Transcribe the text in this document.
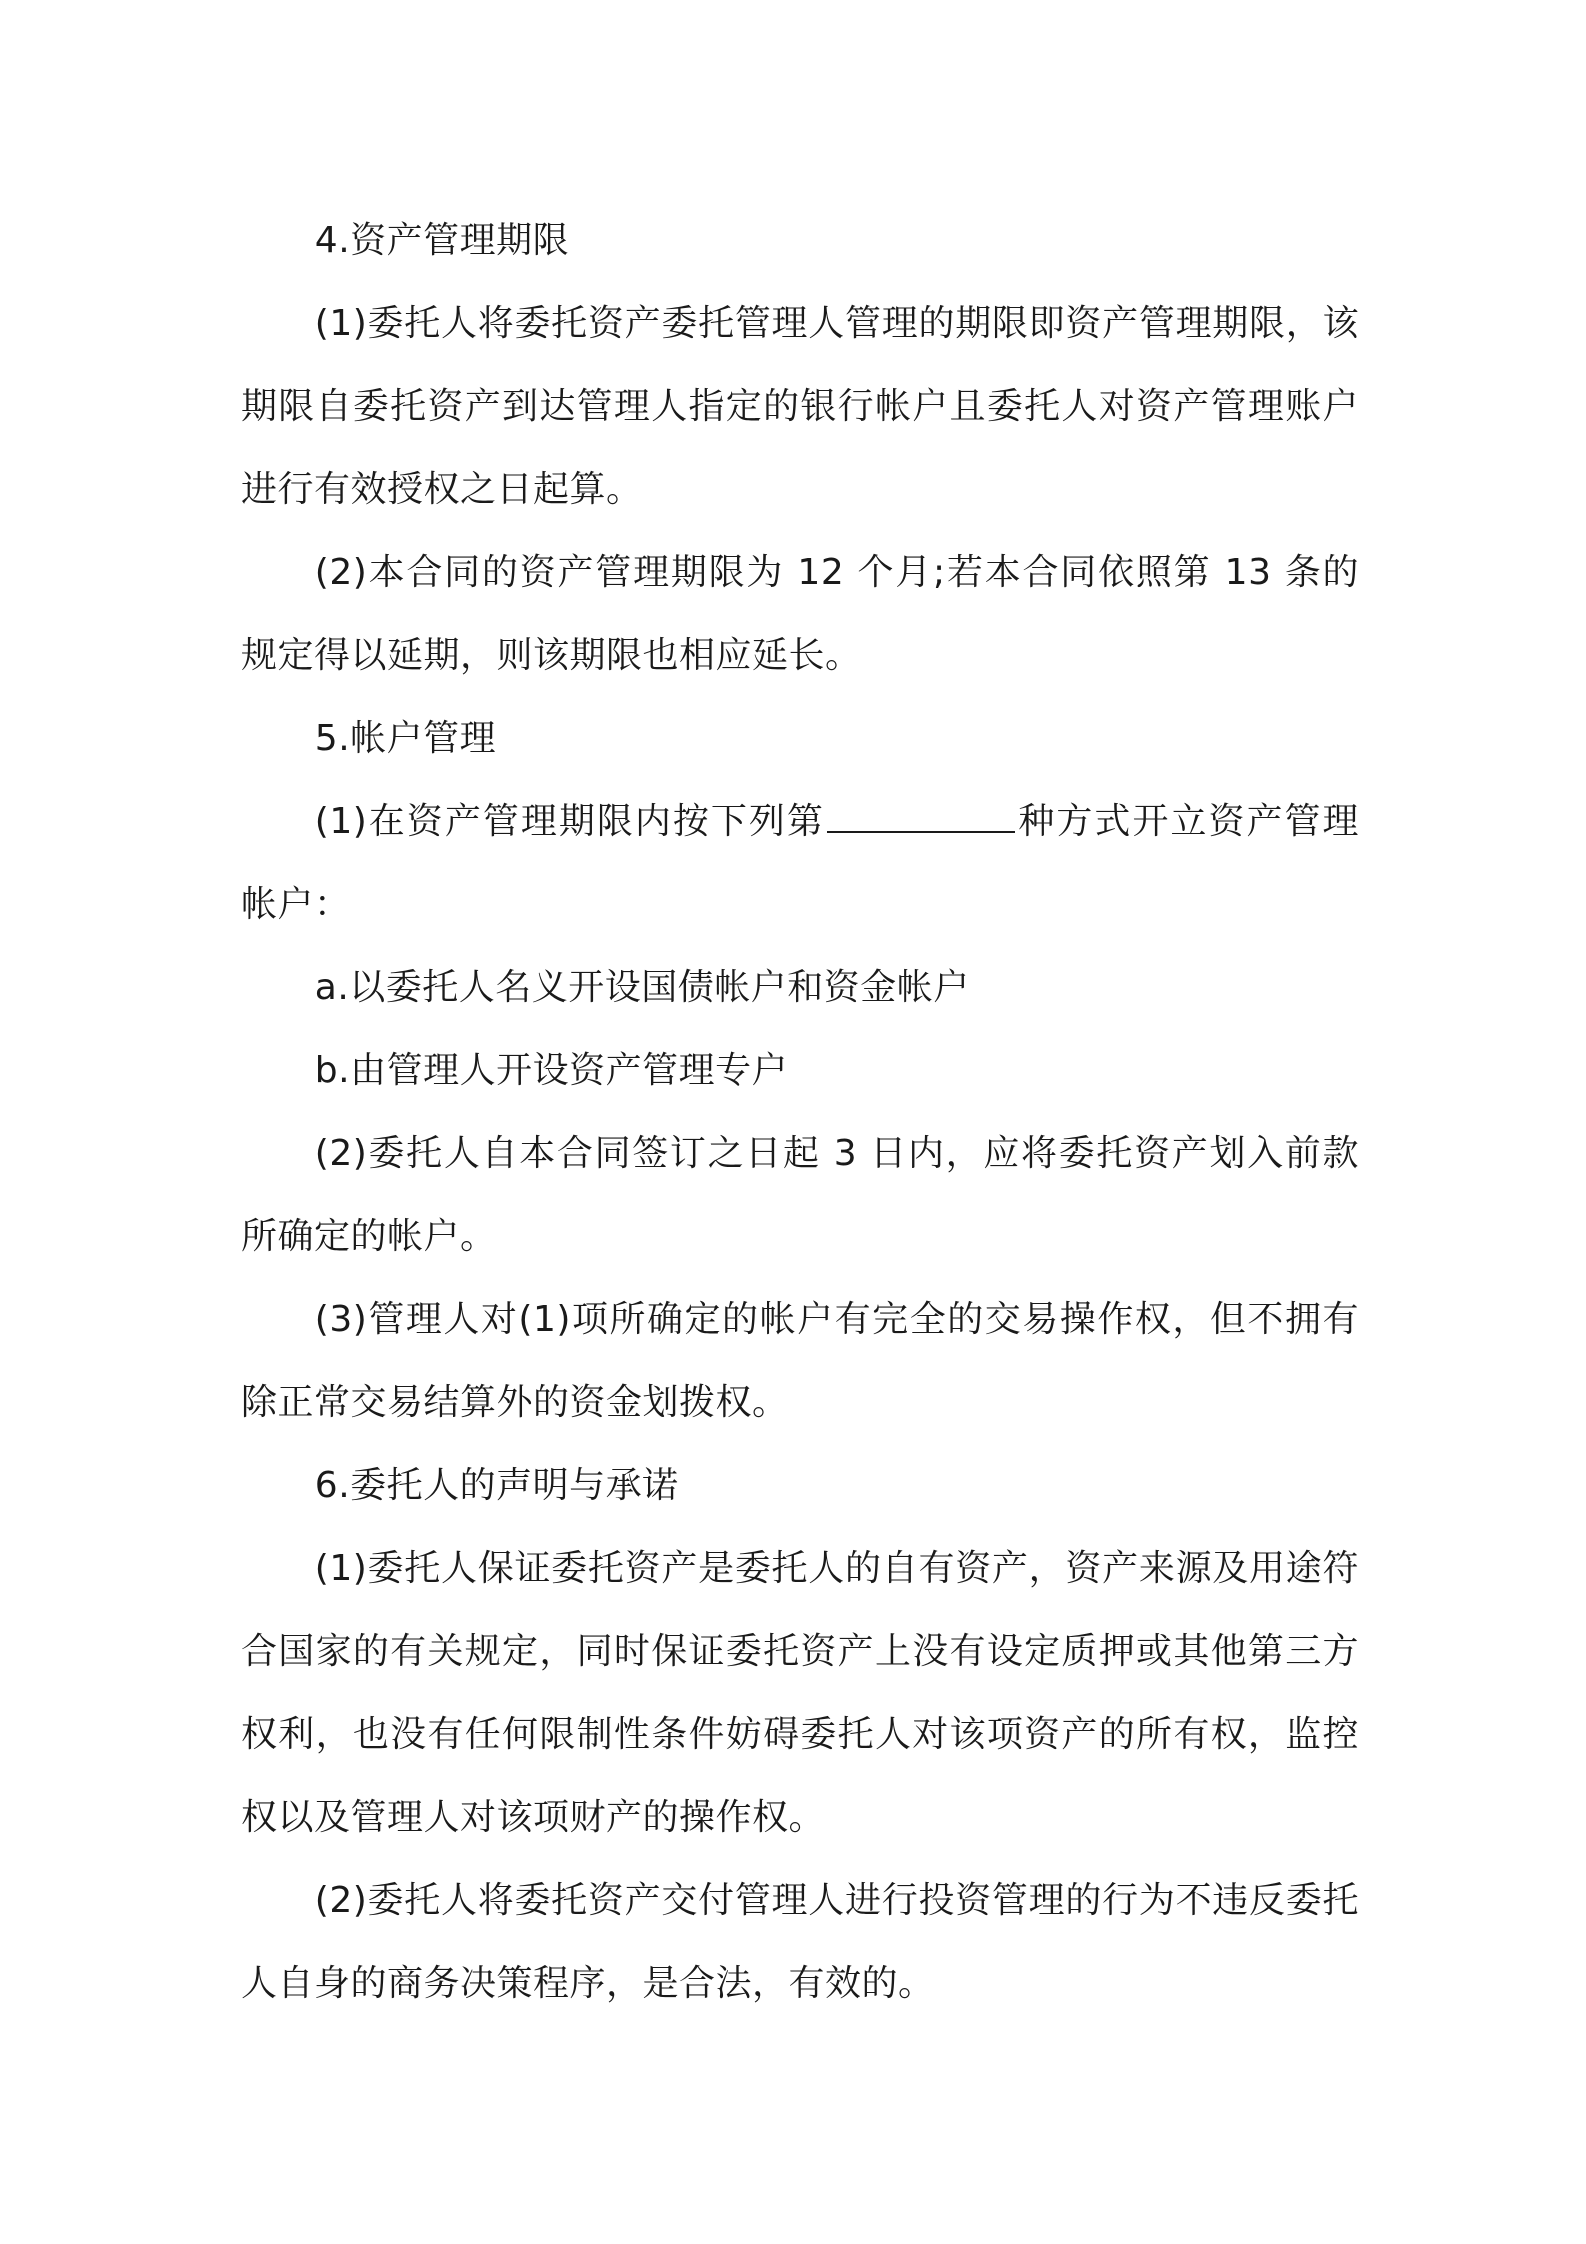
4.资产管理期限

(1)委托人将委托资产委托管理人管理的期限即资产管理期限，该期限自委托资产到达管理人指定的银行帐户且委托人对资产管理账户进行有效授权之日起算。

(2)本合同的资产管理期限为 12 个月;若本合同依照第 13 条的规定得以延期，则该期限也相应延长。

5.帐户管理

(1)在资产管理期限内按下列第	种方式开立资产管理帐户：

a.以委托人名义开设国债帐户和资金帐户

b.由管理人开设资产管理专户

(2)委托人自本合同签订之日起 3 日内，应将委托资产划入前款所确定的帐户。

(3)管理人对(1)项所确定的帐户有完全的交易操作权，但不拥有除正常交易结算外的资金划拨权。

6.委托人的声明与承诺

(1)委托人保证委托资产是委托人的自有资产，资产来源及用途符合国家的有关规定，同时保证委托资产上没有设定质押或其他第三方权利，也没有任何限制性条件妨碍委托人对该项资产的所有权，监控权以及管理人对该项财产的操作权。

(2)委托人将委托资产交付管理人进行投资管理的行为不违反委托人自身的商务决策程序，是合法，有效的。
